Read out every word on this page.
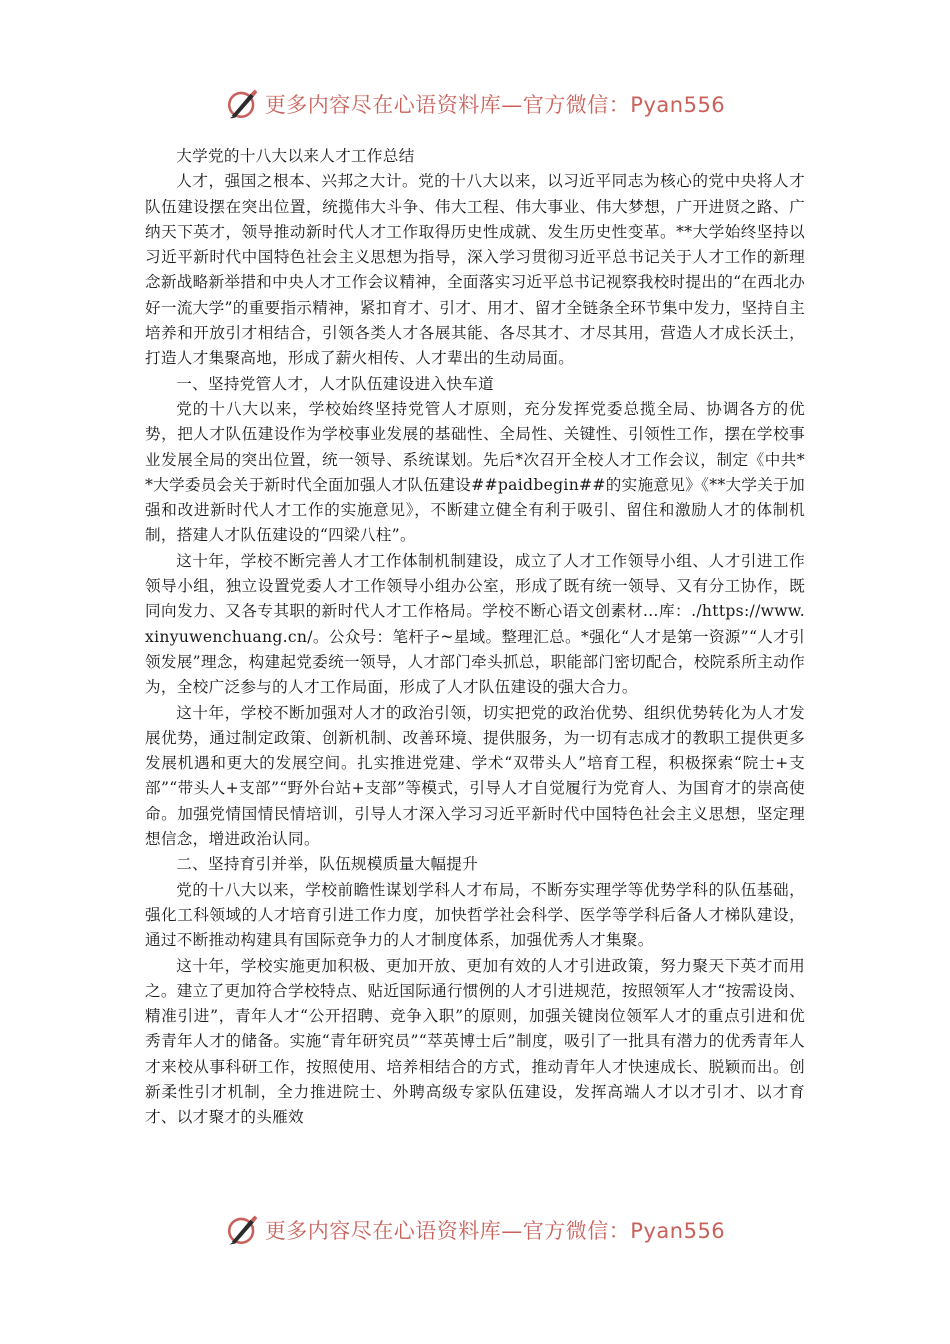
更多内容尽在心语资料库—官方微信：Pyan556

大学党的十八大以来人才工作总结

人才，强国之根本、兴邦之大计。党的十八大以来，以习近平同志为核心的党中央将人才队伍建设摆在突出位置，统揽伟大斗争、伟大工程、伟大事业、伟大梦想，广开进贤之路、广纳天下英才，领导推动新时代人才工作取得历史性成就、发生历史性变革。**大学始终坚持以习近平新时代中国特色社会主义思想为指导，深入学习贯彻习近平总书记关于人才工作的新理念新战略新举措和中央人才工作会议精神，全面落实习近平总书记视察我校时提出的“在西北办好一流大学”的重要指示精神，紧扣育才、引才、用才、留才全链条全环节集中发力，坚持自主培养和开放引才相结合，引领各类人才各展其能、各尽其才、才尽其用，营造人才成长沃土，打造人才集聚高地，形成了薪火相传、人才辈出的生动局面。

一、坚持党管人才，人才队伍建设进入快车道

党的十八大以来，学校始终坚持党管人才原则，充分发挥党委总揽全局、协调各方的优势，把人才队伍建设作为学校事业发展的基础性、全局性、关键性、引领性工作，摆在学校事业发展全局的突出位置，统一领导、系统谋划。先后*次召开全校人才工作会议，制定《中共**大学委员会关于新时代全面加强人才队伍建设##paidbegin##的实施意见》《**大学关于加强和改进新时代人才工作的实施意见》，不断建立健全有利于吸引、留住和激励人才的体制机制，搭建人才队伍建设的“四梁八柱”。

这十年，学校不断完善人才工作体制机制建设，成立了人才工作领导小组、人才引进工作领导小组，独立设置党委人才工作领导小组办公室，形成了既有统一领导、又有分工协作，既同向发力、又各专其职的新时代人才工作格局。学校不断心语文创素材…库：./https://www.xinyuwenchuang.cn/。公众号：笔杆子~星域。整理汇总。*强化“人才是第一资源”“人才引领发展”理念，构建起党委统一领导，人才部门牵头抓总，职能部门密切配合，校院系所主动作为，全校广泛参与的人才工作局面，形成了人才队伍建设的强大合力。

这十年，学校不断加强对人才的政治引领，切实把党的政治优势、组织优势转化为人才发展优势，通过制定政策、创新机制、改善环境、提供服务，为一切有志成才的教职工提供更多发展机遇和更大的发展空间。扎实推进党建、学术“双带头人”培育工程，积极探索“院士+支部”“带头人+支部”“野外台站+支部”等模式，引导人才自觉履行为党育人、为国育才的崇高使命。加强党情国情民情培训，引导人才深入学习习近平新时代中国特色社会主义思想，坚定理想信念，增进政治认同。

二、坚持育引并举，队伍规模质量大幅提升

党的十八大以来，学校前瞻性谋划学科人才布局，不断夯实理学等优势学科的队伍基础，强化工科领域的人才培育引进工作力度，加快哲学社会科学、医学等学科后备人才梯队建设，通过不断推动构建具有国际竞争力的人才制度体系，加强优秀人才集聚。

这十年，学校实施更加积极、更加开放、更加有效的人才引进政策，努力聚天下英才而用之。建立了更加符合学校特点、贴近国际通行惯例的人才引进规范，按照领军人才“按需设岗、精准引进”，青年人才“公开招聘、竞争入职”的原则，加强关键岗位领军人才的重点引进和优秀青年人才的储备。实施“青年研究员”“萃英博士后”制度，吸引了一批具有潜力的优秀青年人才来校从事科研工作，按照使用、培养相结合的方式，推动青年人才快速成长、脱颖而出。创新柔性引才机制，全力推进院士、外聘高级专家队伍建设，发挥高端人才以才引才、以才育才、以才聚才的头雁效

更多内容尽在心语资料库—官方微信：Pyan556
